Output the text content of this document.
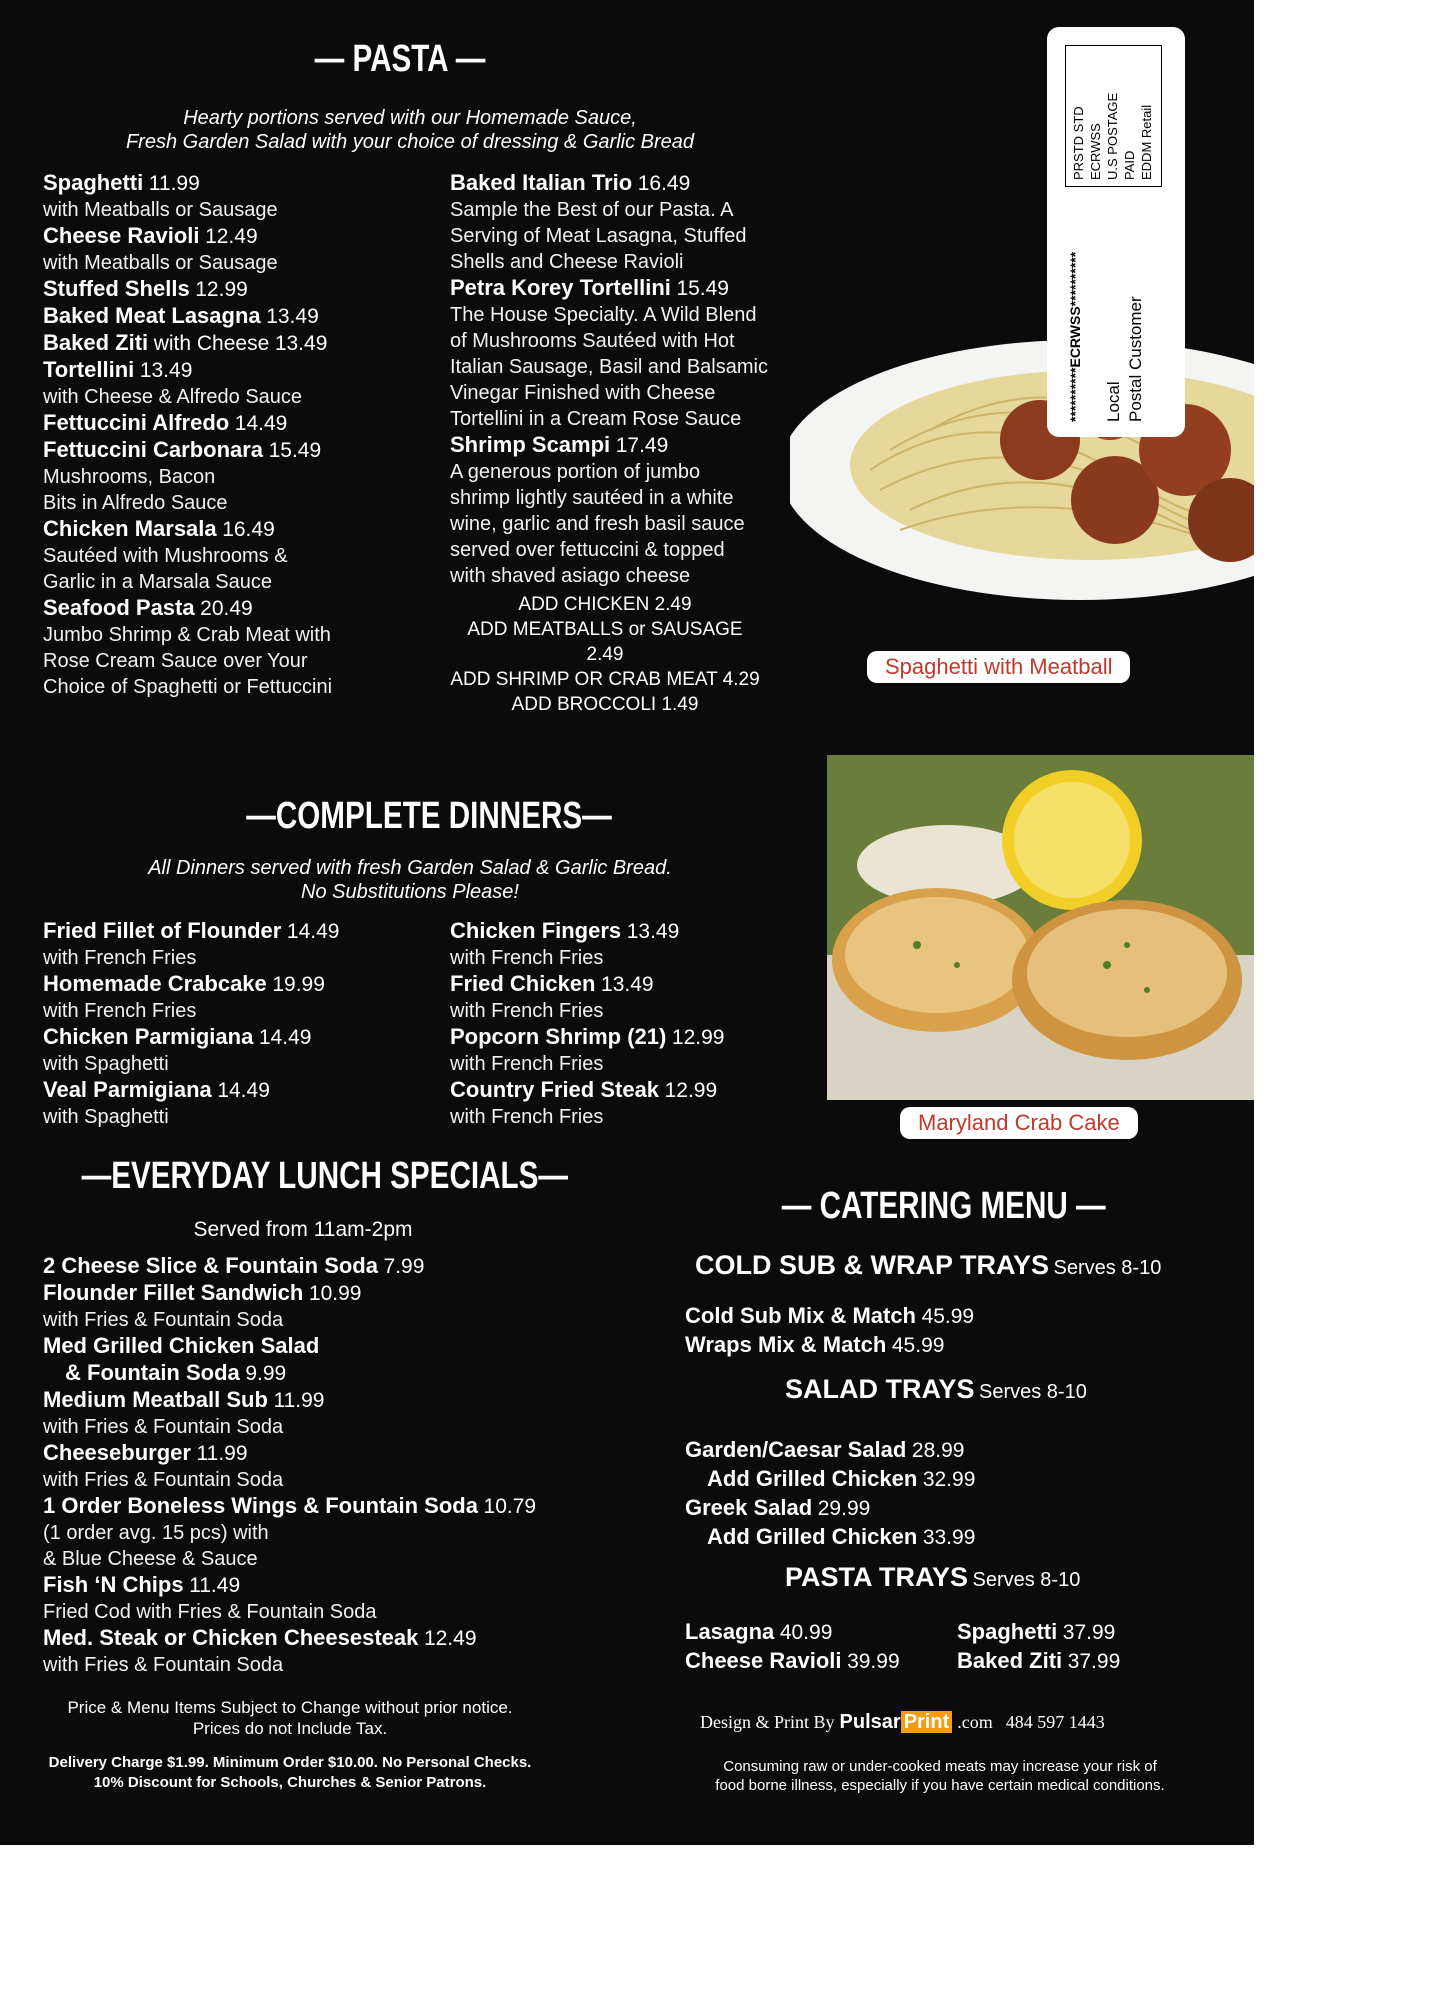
— PASTA —
Hearty portions served with our Homemade Sauce,
Fresh Garden Salad with your choice of dressing & Garlic Bread
Spaghetti 11.99
with Meatballs or Sausage
Cheese Ravioli 12.49
with Meatballs or Sausage
Stuffed Shells 12.99
Baked Meat Lasagna 13.49
Baked Ziti with Cheese 13.49
Tortellini 13.49
with Cheese & Alfredo Sauce
Fettuccini Alfredo 14.49
Fettuccini Carbonara 15.49
Mushrooms, Bacon
Bits in Alfredo Sauce
Chicken Marsala 16.49
Sautéed with Mushrooms &
Garlic in a Marsala Sauce
Seafood Pasta 20.49
Jumbo Shrimp & Crab Meat with
Rose Cream Sauce over Your
Choice of Spaghetti or Fettuccini
Baked Italian Trio 16.49
Sample the Best of our Pasta. A
Serving of Meat Lasagna, Stuffed
Shells and Cheese Ravioli
Petra Korey Tortellini 15.49
The House Specialty. A Wild Blend
of Mushrooms Sautéed with Hot
Italian Sausage, Basil and Balsamic
Vinegar Finished with Cheese
Tortellini in a Cream Rose Sauce
Shrimp Scampi 17.49
A generous portion of jumbo
shrimp lightly sautéed in a white
wine, garlic and fresh basil sauce
served over fettuccini & topped
with shaved asiago cheese
ADD CHICKEN 2.49
ADD MEATBALLS or SAUSAGE 2.49
ADD SHRIMP OR CRAB MEAT 4.29
ADD BROCCOLI 1.49
Spaghetti with Meatball
PRSTD STD ECRWSS U.S POSTAGE PAID EDDM Retail
**********ECRWSS********** Local Postal Customer
—COMPLETE DINNERS—
All Dinners served with fresh Garden Salad & Garlic Bread.
No Substitutions Please!
Fried Fillet of Flounder 14.49
with French Fries
Homemade Crabcake 19.99
with French Fries
Chicken Parmigiana 14.49
with Spaghetti
Veal Parmigiana 14.49
with Spaghetti
Chicken Fingers 13.49
with French Fries
Fried Chicken 13.49
with French Fries
Popcorn Shrimp (21) 12.99
with French Fries
Country Fried Steak 12.99
with French Fries	Maryland Crab Cake
—EVERYDAY LUNCH SPECIALS—
Served from 11am-2pm
2 Cheese Slice & Fountain Soda 7.99
Flounder Fillet Sandwich 10.99
with Fries & Fountain Soda
Med Grilled Chicken Salad
& Fountain Soda 9.99
Medium Meatball Sub 11.99
with Fries & Fountain Soda
Cheeseburger 11.99
with Fries & Fountain Soda
1 Order Boneless Wings & Fountain Soda 10.79
(1 order avg. 15 pcs) with
& Blue Cheese & Sauce
Fish ‘N Chips 11.49
Fried Cod with Fries & Fountain Soda
Med. Steak or Chicken Cheesesteak 12.49
with Fries & Fountain Soda
Price & Menu Items Subject to Change without prior notice.
Prices do not Include Tax.
Delivery Charge $1.99. Minimum Order $10.00. No Personal Checks.
10% Discount for Schools, Churches & Senior Patrons.
— CATERING MENU —
COLD SUB & WRAP TRAYS Serves 8-10
Cold Sub Mix & Match 45.99
Wraps Mix & Match 45.99
SALAD TRAYS Serves 8-10
Garden/Caesar Salad 28.99
Add Grilled Chicken 32.99
Greek Salad 29.99
Add Grilled Chicken 33.99
PASTA TRAYS Serves 8-10
Lasagna 40.99	Spaghetti 37.99
Cheese Ravioli 39.99	Baked Ziti 37.99
Design & Print By Pulsar Print .com 484 597 1443
Consuming raw or under-cooked meats may increase your risk of
food borne illness, especially if you have certain medical conditions.
